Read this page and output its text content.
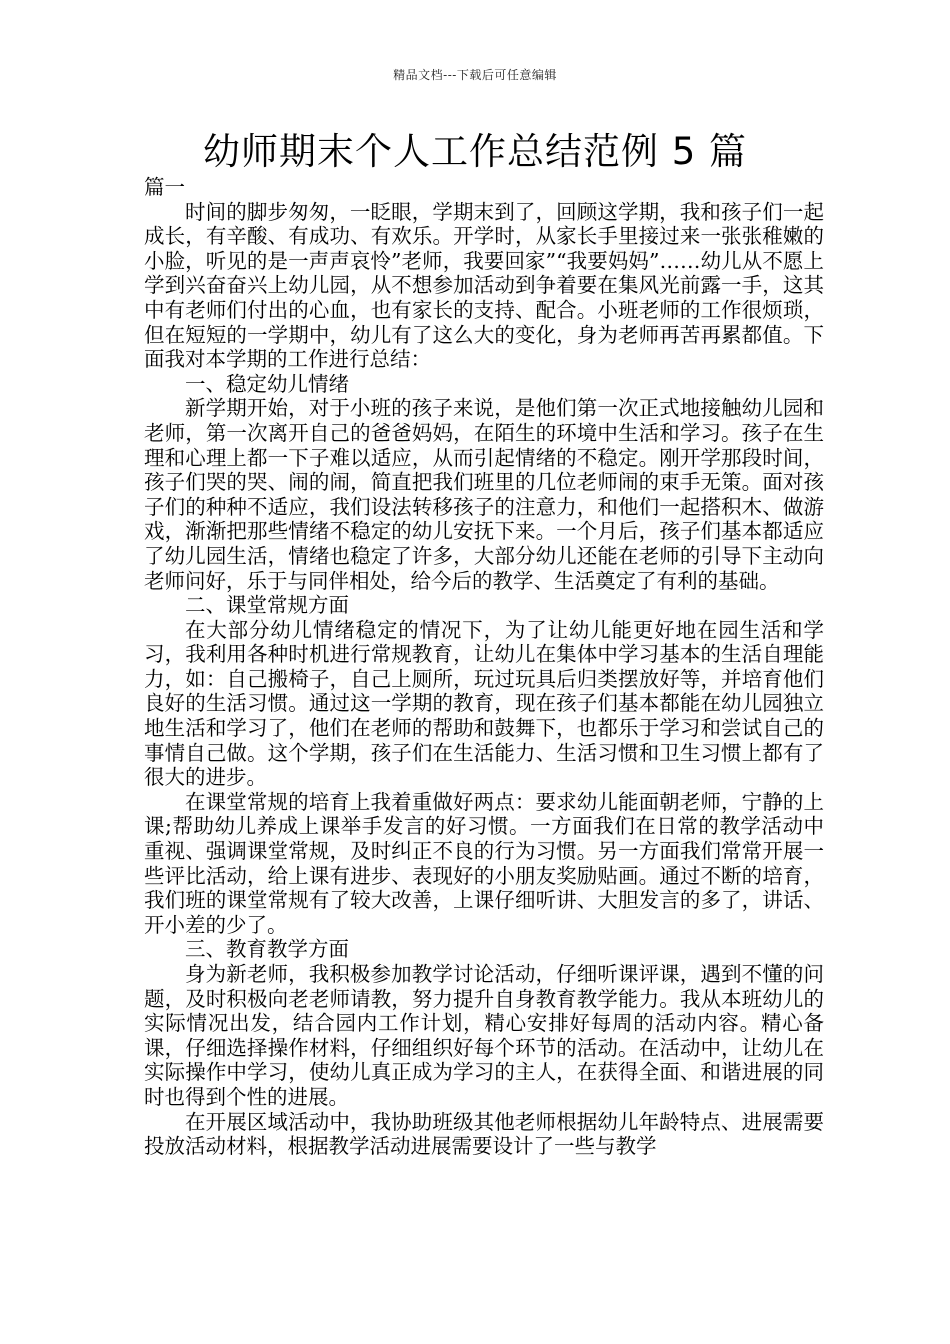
精品文档---下载后可任意编辑
幼师期末个人工作总结范例 5 篇

篇一

时间的脚步匆匆，一眨眼，学期末到了，回顾这学期，我和孩子们一起成长，有辛酸、有成功、有欢乐。开学时，从家长手里接过来一张张稚嫩的小脸，听见的是一声声哀怜”老师，我要回家”“我要妈妈”……幼儿从不愿上学到兴奋奋兴上幼儿园，从不想参加活动到争着要在集风光前露一手，这其中有老师们付出的心血，也有家长的支持、配合。小班老师的工作很烦琐，但在短短的一学期中，幼儿有了这么大的变化，身为老师再苦再累都值。下面我对本学期的工作进行总结：

一、稳定幼儿情绪

新学期开始，对于小班的孩子来说，是他们第一次正式地接触幼儿园和老师，第一次离开自己的爸爸妈妈，在陌生的环境中生活和学习。孩子在生理和心理上都一下子难以适应，从而引起情绪的不稳定。刚开学那段时间，孩子们哭的哭、闹的闹，简直把我们班里的几位老师闹的束手无策。面对孩子们的种种不适应，我们设法转移孩子的注意力，和他们一起搭积木、做游戏，渐渐把那些情绪不稳定的幼儿安抚下来。一个月后，孩子们基本都适应了幼儿园生活，情绪也稳定了许多，大部分幼儿还能在老师的引导下主动向老师问好，乐于与同伴相处，给今后的教学、生活奠定了有利的基础。

二、课堂常规方面

在大部分幼儿情绪稳定的情况下，为了让幼儿能更好地在园生活和学习，我利用各种时机进行常规教育，让幼儿在集体中学习基本的生活自理能力，如：自己搬椅子，自己上厕所，玩过玩具后归类摆放好等，并培育他们良好的生活习惯。通过这一学期的教育，现在孩子们基本都能在幼儿园独立地生活和学习了，他们在老师的帮助和鼓舞下，也都乐于学习和尝试自己的事情自己做。这个学期，孩子们在生活能力、生活习惯和卫生习惯上都有了很大的进步。

在课堂常规的培育上我着重做好两点：要求幼儿能面朝老师，宁静的上课;帮助幼儿养成上课举手发言的好习惯。一方面我们在日常的教学活动中重视、强调课堂常规，及时纠正不良的行为习惯。另一方面我们常常开展一些评比活动，给上课有进步、表现好的小朋友奖励贴画。通过不断的培育，我们班的课堂常规有了较大改善，上课仔细听讲、大胆发言的多了，讲话、开小差的少了。

三、教育教学方面

身为新老师，我积极参加教学讨论活动，仔细听课评课，遇到不懂的问题，及时积极向老老师请教，努力提升自身教育教学能力。我从本班幼儿的实际情况出发，结合园内工作计划，精心安排好每周的活动内容。精心备课，仔细选择操作材料，仔细组织好每个环节的活动。在活动中，让幼儿在实际操作中学习，使幼儿真正成为学习的主人，在获得全面、和谐进展的同时也得到个性的进展。

在开展区域活动中，我协助班级其他老师根据幼儿年龄特点、进展需要投放活动材料，根据教学活动进展需要设计了一些与教学
